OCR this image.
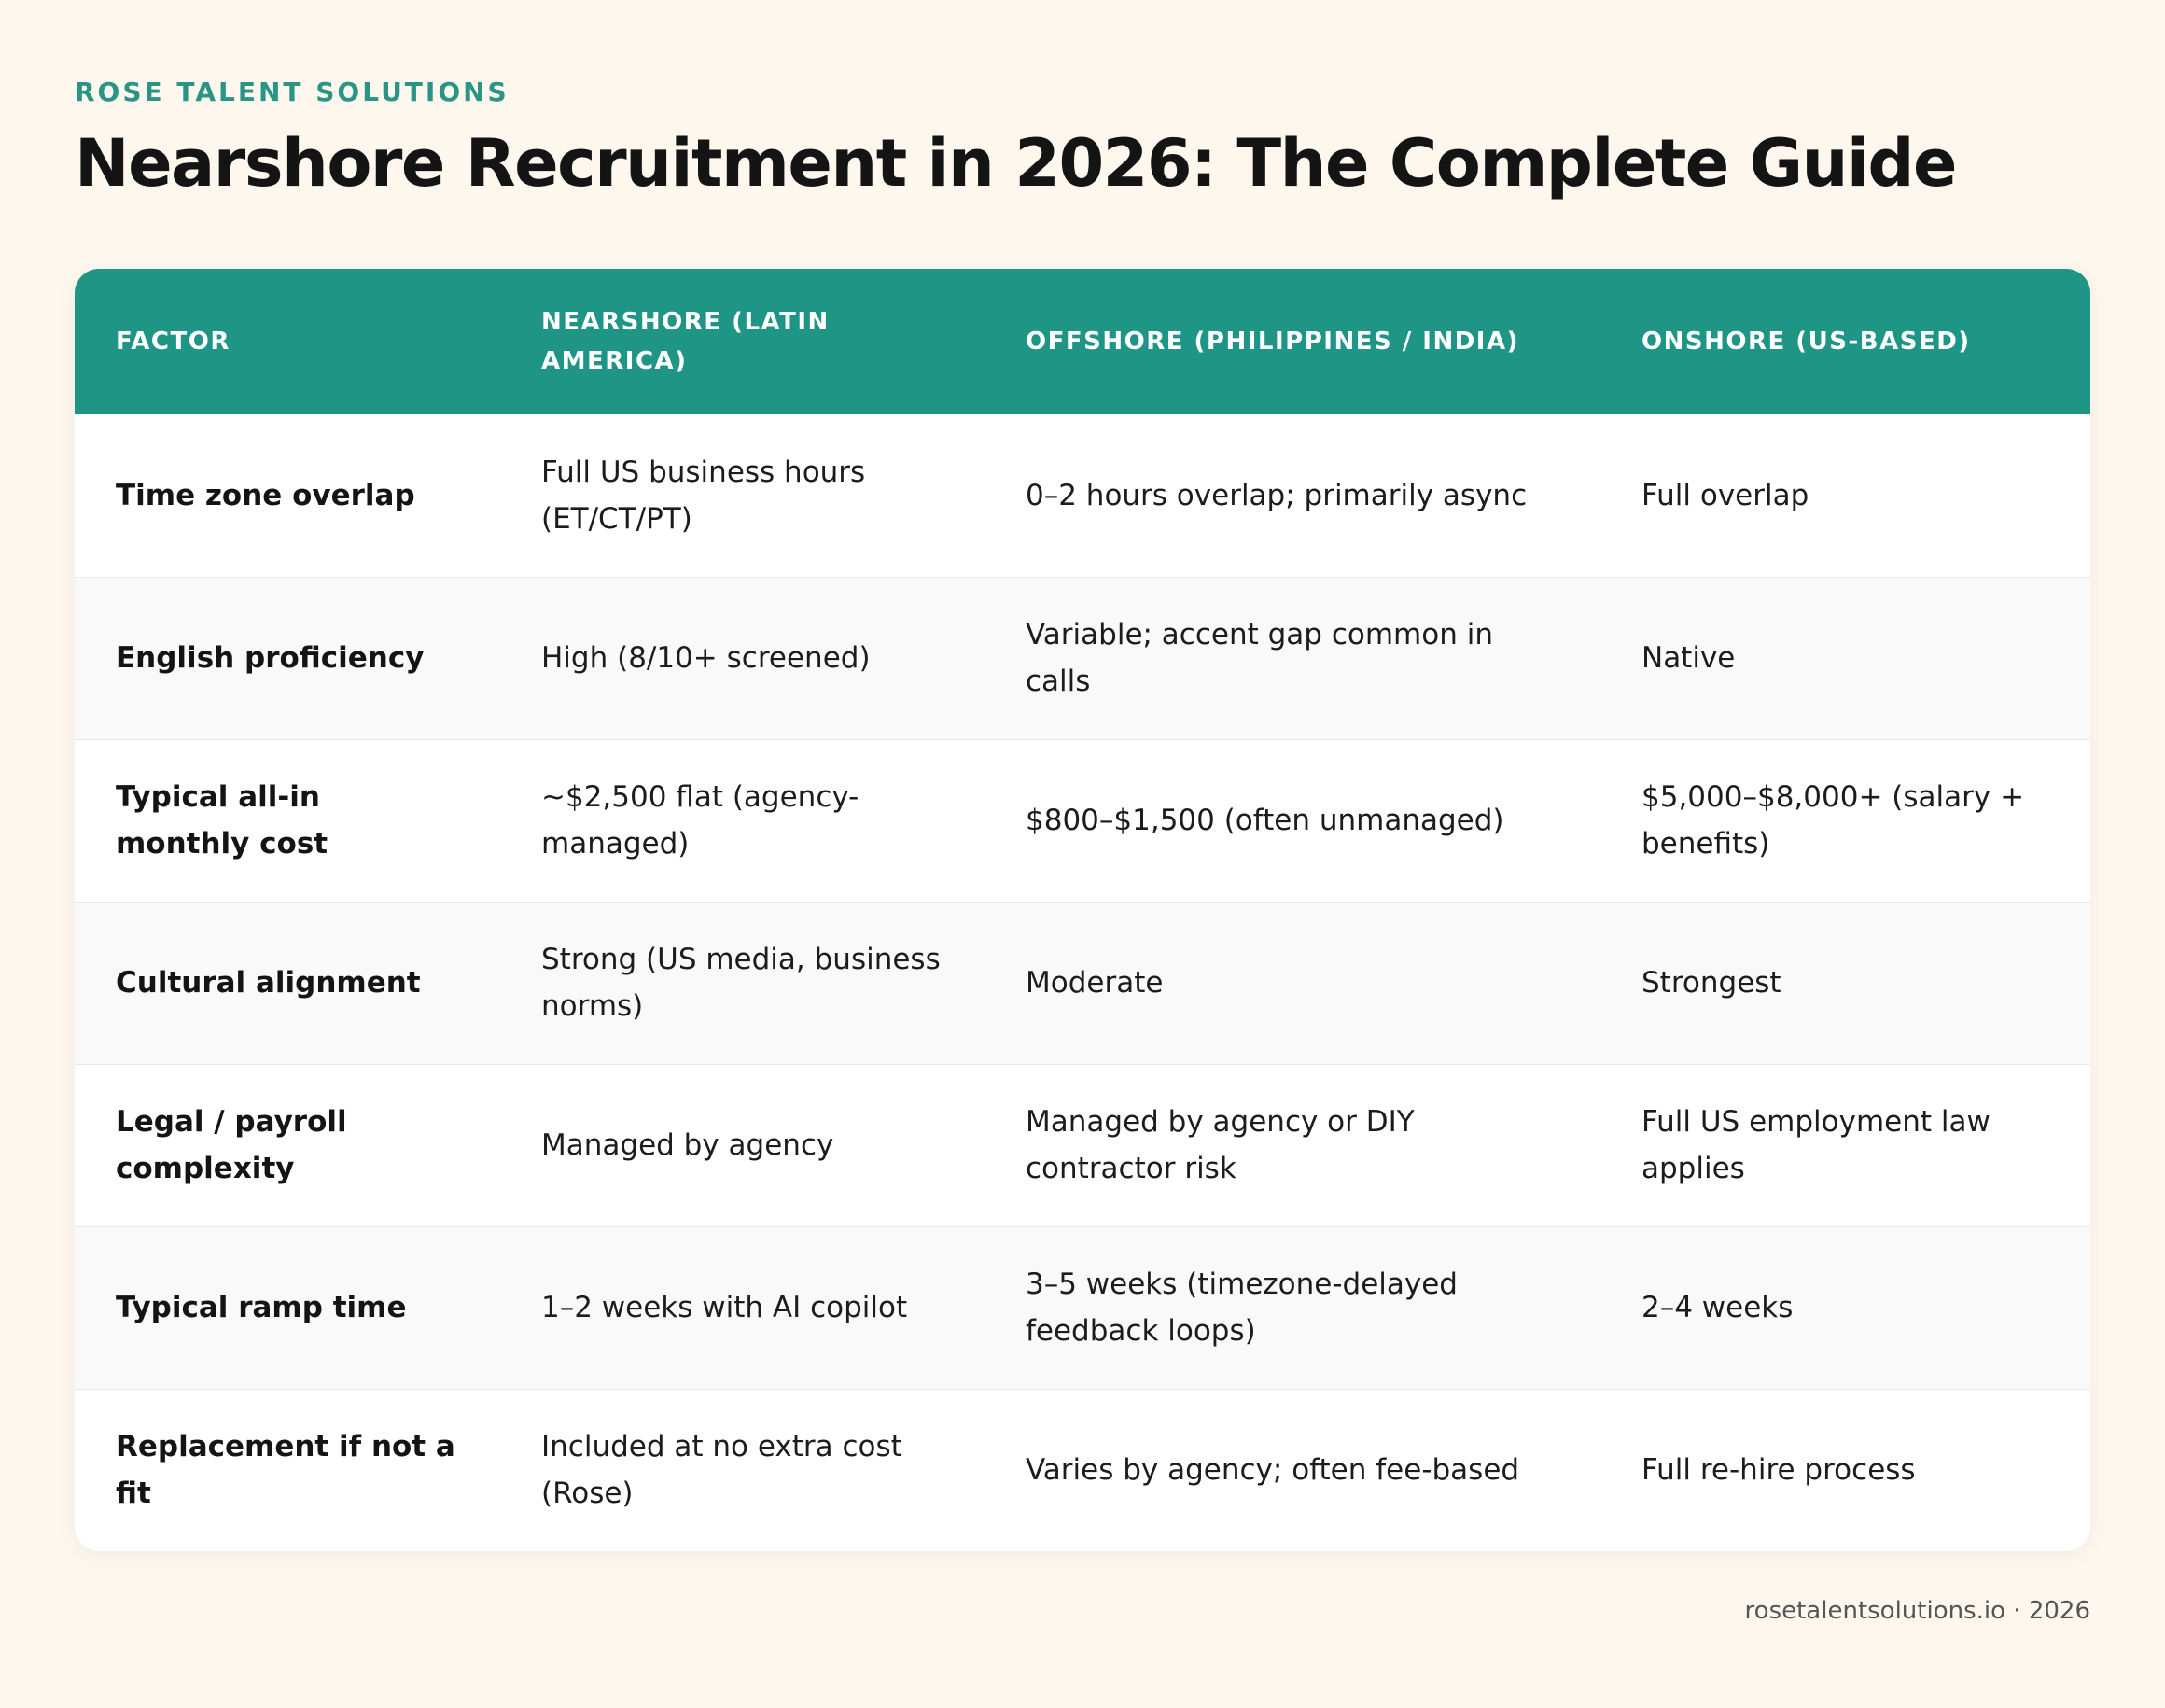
ROSE TALENT SOLUTIONS
Nearshore Recruitment in 2026: The Complete Guide
FACTOR	NEARSHORE (LATIN AMERICA)	OFFSHORE (PHILIPPINES / INDIA)	ONSHORE (US-BASED)
Time zone overlap	Full US business hours (ET/CT/PT)	0–2 hours overlap; primarily async	Full overlap
English proficiency	High (8/10+ screened)	Variable; accent gap common in calls	Native
Typical all-in monthly cost	~$2,500 flat (agency-managed)	$800–$1,500 (often unmanaged)	$5,000–$8,000+ (salary + benefits)
Cultural alignment	Strong (US media, business norms)	Moderate	Strongest
Legal / payroll complexity	Managed by agency	Managed by agency or DIY contractor risk	Full US employment law applies
Typical ramp time	1–2 weeks with AI copilot	3–5 weeks (timezone-delayed feedback loops)	2–4 weeks
Replacement if not a fit	Included at no extra cost (Rose)	Varies by agency; often fee-based	Full re-hire process
rosetalentsolutions.io · 2026
